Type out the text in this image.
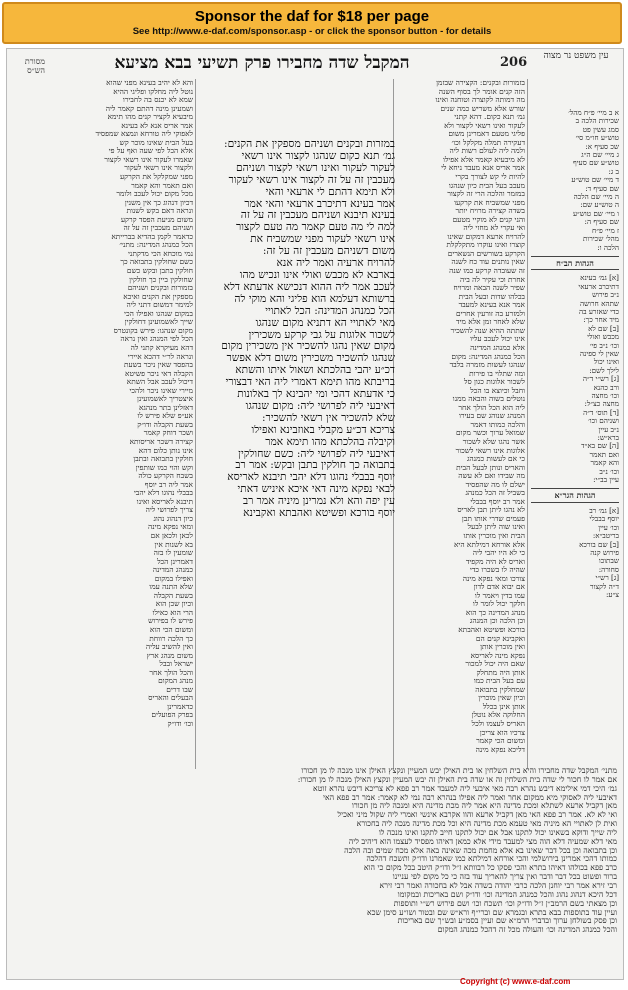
Sponsor the daf for $18 per page
See http://www.e-daf.com/sponsor.asp - or click the sponsor button - for details
המקבל שדה מחבירו פרק תשיעי בבא מציעא	206
מסורת הש״ס
עין משפט נר מצוה
א ב מיי׳ פ״ח מהל׳
שכירות הלכה ב
סמג עשין פט
טוש״ע חו״מ סי׳
שכ סעיף א:
ג מיי׳ שם ה״ג
טוש״ע שם סעיף
ב ג:
ד מיי׳ שם טוש״ע
שם סעיף ד:
ה מיי׳ שם הלכה
ה טוש״ע שם:
ו מיי׳ שם טוש״ע
שם סעיף ה:
ז מיי׳ פ״ח
מהל׳ שכירות
הלכה ו:
הגהות הב״ח
[א] גמ׳ בעינא
דתיכרב ארעאי
נ״ב פירוש
שתהא חרושה
כדי שאזרע בה
מיד אחר כך:
[ב] שם לא
מכבש ואולי
וכו׳ נ״ב פי׳
שאין לי ספינה
ואינו יכול
לילך לשם:
[ג] רש״י ד״ה
ורב כהנא
וכו׳ מחצה
מחצה כצ״ל:
[ד] תוס׳ ד״ה
ושניהם וכו׳
נ״ב עיין
ברא״ש:
[ה] שם בא״ד
ואם תאמר
והא קאמר
וכו׳ נ״ב
עיין בב״י:
הגהות הגר״א
[א] גמ׳ רב
יוסף בבבלי
וכו׳ עיין
בריטב״א:
[ב] שם בורכא
פירוש קנה
שבתוכו
סחורה:
[ג] רש״י
ד״ה לקצור
צ״ע:
בזמורות ובקנים: הקצירה שבזמן
הזה קנים אומר לך בסוף השנה
מה דמותה לקוצרה וטוחנה ואינו
שורש אלא משריש כמה שנים
גמ׳ תנא כקום. דהא קתני
לעקור ואינו רשאי לקצור ולא
פליגי מטעם דאמרינן משום
דעקירה תמלה מקלקל וכו׳
ולמה ליה לעולם רשות ליה
לא מיבעיא קאמר אלא אפילו
אמר אריס אנא מעבד ניחא לי
להיות לי קש לצורך בקרי
מעכב בעל הבית כיון שנהגו
במזמר והלכה הרי זה לקצור
מפני שמשביח את קרקעו
בשדה קצירה מרויח יותר
והני קנים לא מוקיי מטעם
ואי עקרי לא מחזי ליה
להרויח ארעא דמקום שאינו
קוצרו ואינו עוקרו מתקלקלת
הקרקע בשורשים הנשארים
שאין נותנים עוד כח לשנה
זה שעובדה קרקע כמו שנה
אחרת וכי עקיר לה ביה
שפיר לשנה הבאה ומרויח
בכלהו שדות ובעל הבית
אמר אנא בעינא למעבד
ולמזרע בה זורעין אחרים
שלא לאחר זמן אלא מיד
שתתה ההיא שנה להשכיר
אינו יכול לעכב עליו
אלא כמנהג המדינה
הכל כמנהג המדינה: מקום
שנהגו לעשות מזמרה בלבד
ומה שתלוי בו פירות
לשכור אלוגות כגון סל
וחבל וכיוצא בו הכל
נוטלים בשוה והבאה ממנו
ליה הוא הכל הולך אחר
המנהג שנוהג שם בעירו
והלכה כמותו דאמר
שמואל ערוך וכשר מקום
אשר נהגו שלא לשכור
אלוגות אינו רשאי לשכור
כי אם לעשות כמנהג
והאריס ונותן לבעל הבית
מה שבידו ואם לא עשה
ישלם לו מה שהפסיד
בשביל זה הכל כמנהג
אמר רב יוסף בבבלי
לא נהגו ליתן תבן לאריס
פעמים שדרי אותו תבן
ואינו שוה ליתן לבעל
הבית ואין מוכרין אותו
אלא אורחא דמילתא היא
כי לא היו יהבי ליה
ואריס לא היה מקפיד
שהיה לו בשכרו כדי
צורכו ומאי נפקא מינה
אם יבוא אדם לדון
עמו בדין ויאמר לו
חלקך יכול לומר לו
מנהג המדינה כך הוא
וכן הלכה וכן המנהג
בורכא ופשיטא ואהבתא
ואקבינא קנים הם
ואין מוכרין אותן
נפקא מינה לאריסא
שאם היה יכול למכור
אותן היה מתחלק
עם בעל הבית כמו
שמחלקין בתבואה
וכיון שאין מוכרין
אותן אינן בכלל
החלוקה אלא נוטלן
האריס לעצמו ולכל
צרכיו הוא צריכן
ומשום הכי קאמר
דליכא נפקא מינה
במזרות ובקנים ושניהם מספקין את הקנים:
גמ׳ תנא כקום שנהגו לקצור אינו רשאי
לעקור לעקור ואינו רשאי לקצור ושניהם
מעכבין זה על זה לקצור אינו רשאי לעקור
ולא תימא דהתם לי ארעאי והאי
אמר בעינא דתיכרב ארעאי והאי אמר
בעינא תיבנא ושניהם מעכבין זה על זה
למה לי מה טעם קאמר מה טעם לקצור
אינו רשאי לעקור מפני שמשביח את
משום דשניהם מעכבין זה על זה:
להרויח ארעיה ואמר ליה אנא
בארבא לא מכבש ואולי אינו ונכיש מהו
לעכב אמר ליה ההוא דנכישא אדעתא דלא
ברשותא דעלמא הוא פליגי והא מוקי לה
הכל כמנהג המדינה: הכל לאתויי
מאי לאתויי הא דתניא מקום שנהגו
לשכור אלוגות על גבי קרקע משכירין
מקום שאין נהגו להשכיר אין משכירין מקום
שנהגו להשכיר משכירין משום דלא אפשר
דכ״ע יהבי בהלכתא ושאול איתו והשתא
בריבתא מהו תימא דאמרי ליה האי דבצורי
כי אדעתא דהכי ומי יהבינא לך באלונות
דאיבעי ליה לפרושי ליה: מקום שנהגו
שלא להשכיר אין רשאי להשכיר:
צריכא דכ״ע מקבלי באוזבינא ואפילו
וקיבלה בהלכתא מהו תימא אמר
דאיבעי ליה לפרושי ליה: כשם שחולקין
בתבואה כך חולקין בתבן ובקש: אמר רב
יוסף בבבלי נהוגו דלא יהבי תיבנא לאריסא
לבאי נפקא מינה דאי איכא איניש דאתי
עין יפה והא ולא נמרינן מיניה אמר רב
יוסף בורכא ופשיטא ואהבתא ואקבינא
והא לא יהיב בעינא מפני שהוא
נוטל ליה מחלקו ופליגי ההיא
שמא לא יכנס בה לחבירו
ושמעינן מינה דהתם קאמר ליה
מיבעיא לקציר קנים מהו תימא
אמר אריס אנא לא בעינא
לאפוקי ליה טורחא ונמצא שמפסיד
בעל הבית שאינו מוכר קש
אלא הכל לפי שעה ואף על פי
שאמרו לעקור אינו רשאי לקצור
ולקצור אינו רשאי לעקור
מפני שמקלקל את הקרקע
ואם תאמר והא קאמר
מכל מקום יכול לעכב ולומר
דכיון דנהוג כך אין משנין
ונראה דאם בקש לשנות
משום מניעת הפסד קרקע
ושניהם מעכבין זה על זה
כדאמר לקמן בהדיא בברייתא
הכל כמנהג המדינה: מתני׳
נמי מוכחא הכי מדקתני
כשם שחולקין בתבואה כך
חולקין בתבן ובקש כשם
שחולקין ביין כך חולקין
בזמורות ובקנים ושניהם
מספקין את הקנים ואיכא
למימר דמשום דתני ליה
במקום שנהגו ואפילו הכי
שייך לאשמועינן דחולקין
מקום שנהגו: פירש בקונטרס
הכל לפי המנהג ואין נראה
דהא מעיקרא קתני לה
ונראה לר״י דהכא איירי
בהפסד שאין ניכר בשעת
הקבלה דאי ניכר פשיטא
דיכול לעכב אבל השתא
מיירי שאינו ניכר ולהכי
איצטריך לאשמועינן
דאזלינן בתר מנהגא
אע״פ שלא פירש לו
בשעת הקבלה ודו״ק
ושכר דוחק קאמר
קצירה דשכר אריסותא
אינו נותן כלום דהא
חולקין בתבואה ובתבן
וקש והוי כמו שותפין
בשבח הקרקע כולה
אמר ליה רב יוסף
בבבלי נהוגו דלא יהבי
תיבנא לאריסא ואינו
צריך לפרושי ליה
כיון דנהוג נהוג
ומאי נפקא מינה
לכאן ולכאן אם
בא לשנות אין
שומעין לו בזה
דאמרינן הכל
כמנהג המדינה
ואפילו במקום
שלא התנה עמו
בשעת הקבלה
וכיון שכן הוא
הרי הוא כאילו
פירש לו בפירוש
ומשום הכי הוא
כך הלכה רווחת
ואין להשיב עליה
משום מנהג ארץ
ישראל ובבל
והכל הולך אחר
מנהג המקום
שבו דרים
הבעלים והאריס
כדאמרינן
בפרק הפועלים
וכו׳ ודו״ק
מתני׳ המקבל שדה מחבירו והיא בית השלחין או בית האילן יבש המעיין ונקצץ האילן אינו מנכה לו מן חכורו
אם אמר לו חכור לי שדה בית השלחין זה או שדה בית האילן זה יבש המעיין ונקצץ האילן מנכה לו מן חכורו:
גמ׳ היכי דמי אילימא דיבש נהרא רבה מאי איבעי ליה למעבד אמר רב פפא לא צריכא דיבש נהרא זוטא
דאיבעי ליה לאסוקי מיא ממקום אחר ואמר ליה אפילו בנהרא רבה נמי לא קאמר: אמר רב פפא האי
מאן דקביל ארעא לשתלא ומכת מדינה היא אמר ליה מכת מדינה היא ומנכה ליה מן חכורו
ואי לא לא. אמר רב פפא האי מאן דקביל ארעא והוו אקרבא אינשי ואמרי ליה שקול מיני ואכיל
ואית לן לאתויי הא מיניה מאי טעמא מכת מדינה היא וכל מכת מדינה מנכה ליה בחכורא
ליה שייך ודוקא בשאינו יכול לתקנו אבל אם יכול לתקנו חייב לתקנו ואינו מנכה לו
מאי דלא שמעיה דלא הוה מצי למעבד מידי אלא כמאן דאיהו מפסיד לעצמו הוא דיהיב ליה
וכן בתבואה וכן בכל דבר שאינו בא אלא מחמת מכה שאינה באה אלא מכח שמים ובה הלכה
כמותו דהכי אמרינן בירושלמי והכי אורחא דמילתא כמו שאמרנו ודו״ק ותשכח דהלכה
כרב פפא בכולהו דאיהו בתרא והכי פסקו כל רבוותא ז״ל ודו״ק היטב בכל מקום כי הוא
ברור ופשוט בכל דבר ודבר ואין צריך להאריך עוד בזה כי כל מקום לפי עניינו
רבי זירא אמר רבי יוחנן הלכה כרבי יהודה בשדה אבל לא בחכורה ואמר רבי זירא
דכל היכא דנהוג נהוג והכל כמנהג המדינה וכו׳ ודו״ק ושם באריכות ובמקומו
וכן מצאתי בשם הרמב״ן ז״ל ודו״ק וכו׳ תשכח וכו׳ ושם פירוש רש״י ותוספות
ועיין עוד בתוספות בבא בתרא ובגמרא שם וברי״ף ורא״ש שם ובטור ושו״ע סימן שכא
וכן פסק בשולחן ערוך ובדברי הרמ״א שם ועיין בסמ״ע ובש״ך שם באריכות
והכל כמנהג המדינה וכו׳ והעולה מכל זה דהכל כמנהג המקום
Copyright (c) www.e-daf.com
